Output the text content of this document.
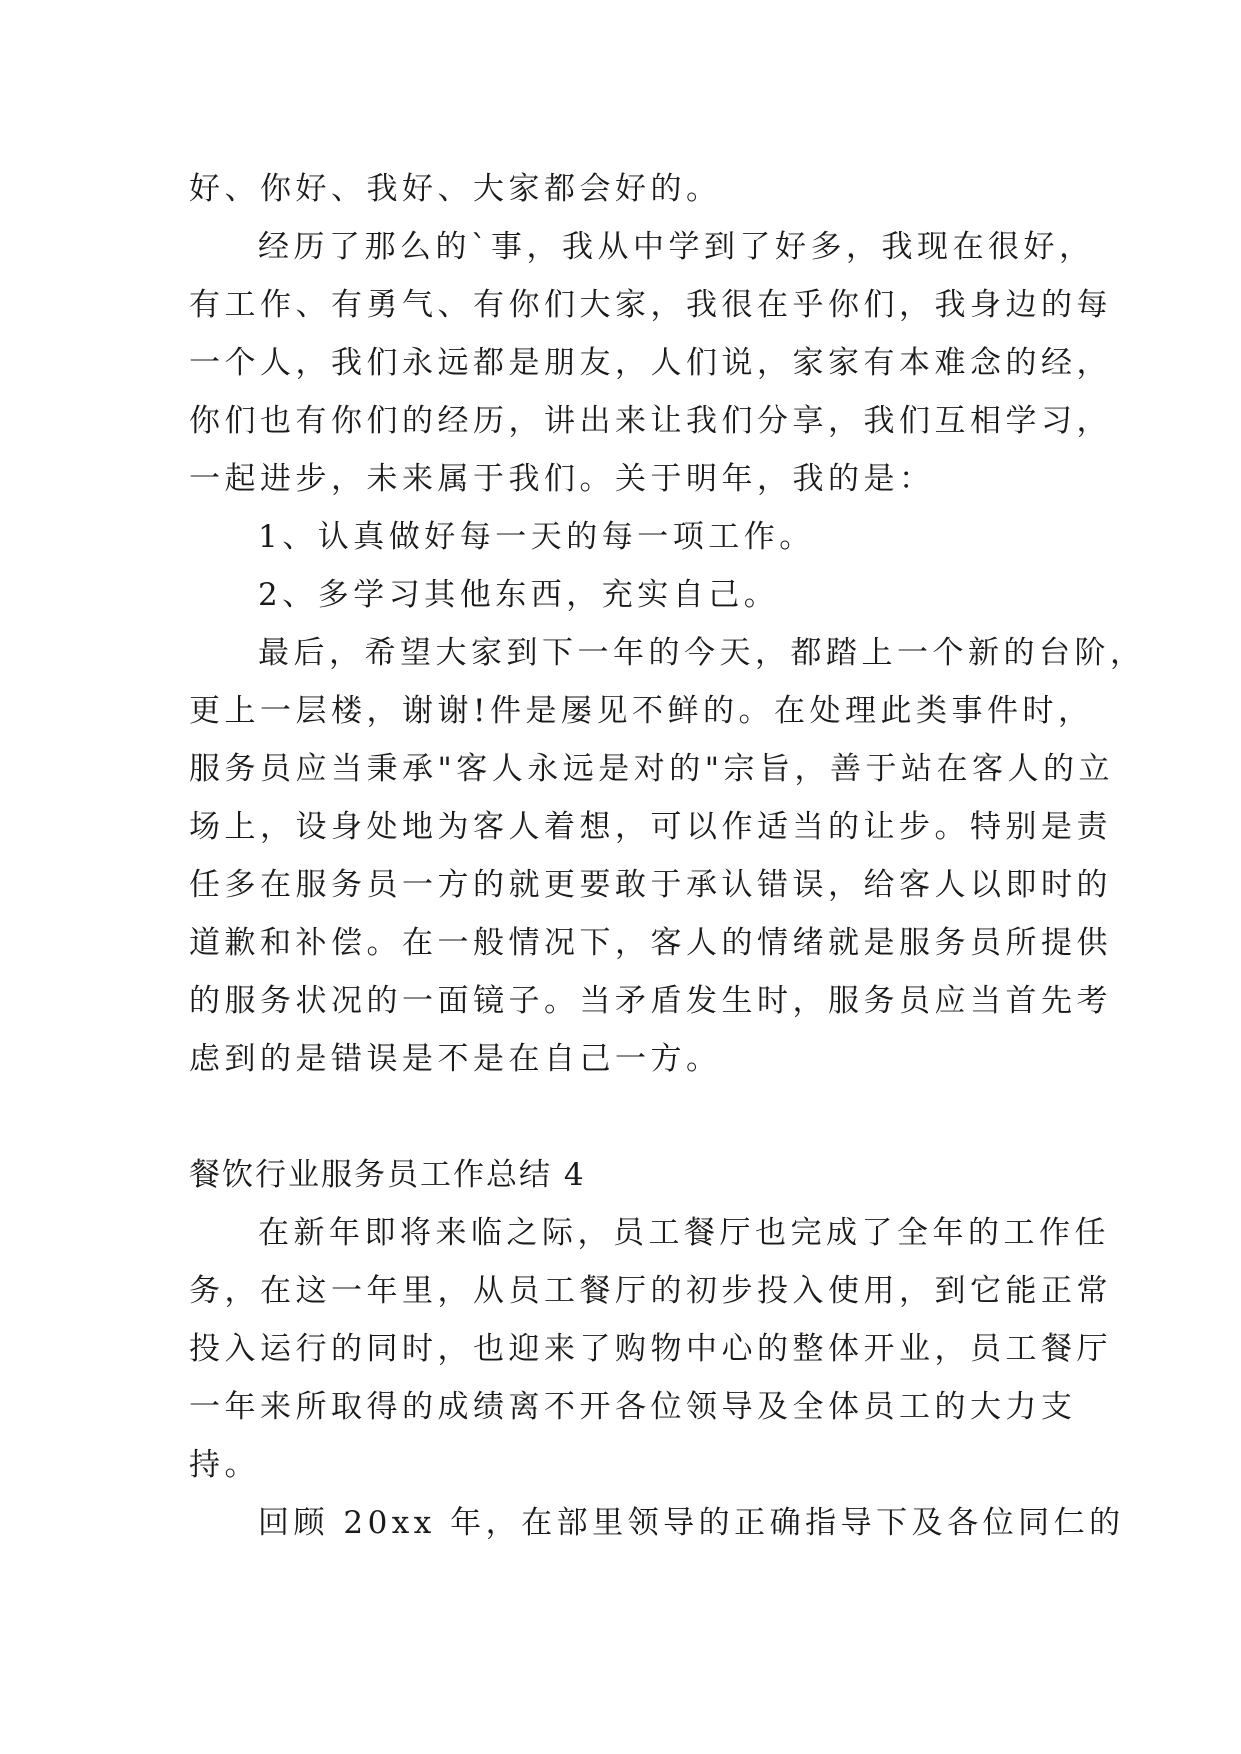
好、你好、我好、大家都会好的。
经历了那么的`事，我从中学到了好多，我现在很好，
有工作、有勇气、有你们大家，我很在乎你们，我身边的每
一个人，我们永远都是朋友，人们说，家家有本难念的经，
你们也有你们的经历，讲出来让我们分享，我们互相学习，
一起进步，未来属于我们。关于明年，我的是：
1、认真做好每一天的每一项工作。
2、多学习其他东西，充实自己。
最后，希望大家到下一年的今天，都踏上一个新的台阶，
更上一层楼，谢谢!件是屡见不鲜的。在处理此类事件时，
服务员应当秉承"客人永远是对的"宗旨，善于站在客人的立
场上，设身处地为客人着想，可以作适当的让步。特别是责
任多在服务员一方的就更要敢于承认错误，给客人以即时的
道歉和补偿。在一般情况下，客人的情绪就是服务员所提供
的服务状况的一面镜子。当矛盾发生时，服务员应当首先考
虑到的是错误是不是在自己一方。
餐饮行业服务员工作总结 4
在新年即将来临之际，员工餐厅也完成了全年的工作任
务，在这一年里，从员工餐厅的初步投入使用，到它能正常
投入运行的同时，也迎来了购物中心的整体开业，员工餐厅
一年来所取得的成绩离不开各位领导及全体员工的大力支
持。
回顾 20xx 年，在部里领导的正确指导下及各位同仁的
